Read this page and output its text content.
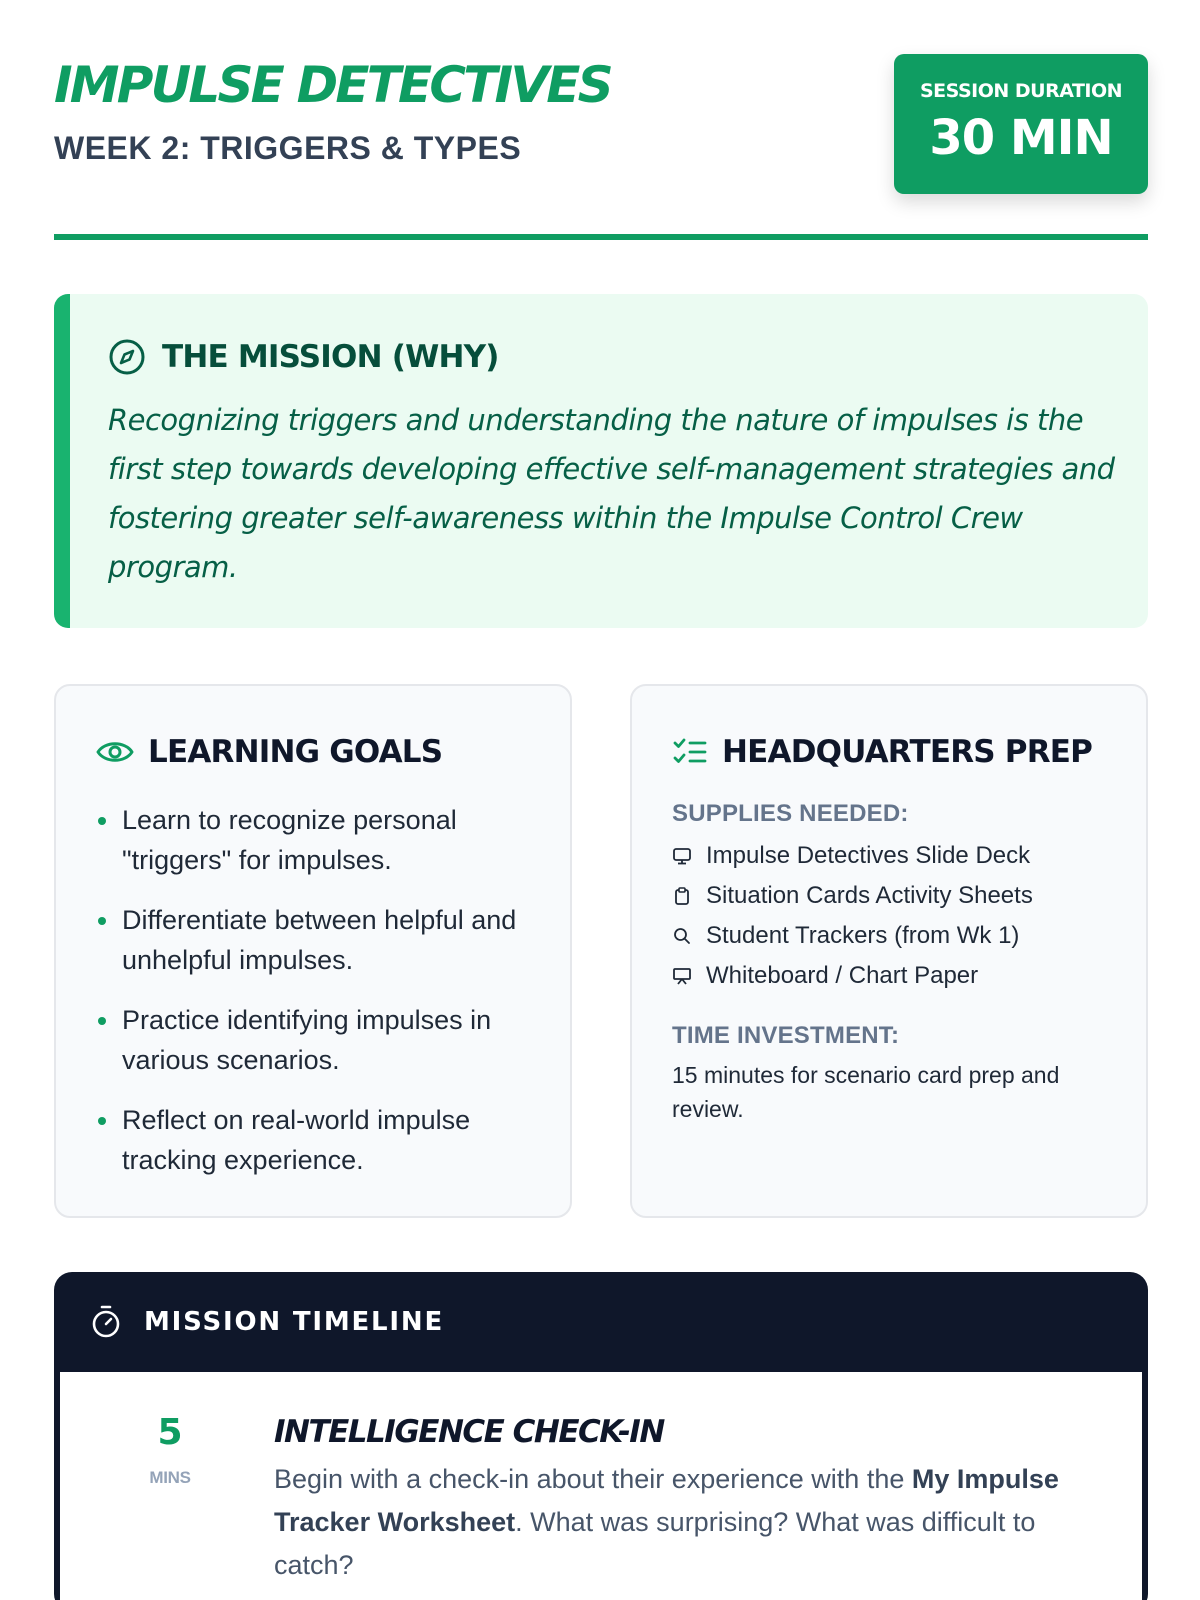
IMPULSE DETECTIVES
WEEK 2: TRIGGERS & TYPES
SESSION DURATION
30 MIN
THE MISSION (WHY)

Recognizing triggers and understanding the nature of impulses is the first step towards developing effective self-management strategies and fostering greater self-awareness within the Impulse Control Crew program.

LEARNING GOALS
Learn to recognize personal "triggers" for impulses.
Differentiate between helpful and unhelpful impulses.
Practice identifying impulses in various scenarios.
Reflect on real-world impulse tracking experience.
HEADQUARTERS PREP
SUPPLIES NEEDED:
Impulse Detectives Slide Deck
Situation Cards Activity Sheets
Student Trackers (from Wk 1)
Whiteboard / Chart Paper
TIME INVESTMENT:
15 minutes for scenario card prep and review.
MISSION TIMELINE
5
MINS
INTELLIGENCE CHECK-IN

Begin with a check-in about their experience with the My Impulse Tracker Worksheet. What was surprising? What was difficult to catch?
